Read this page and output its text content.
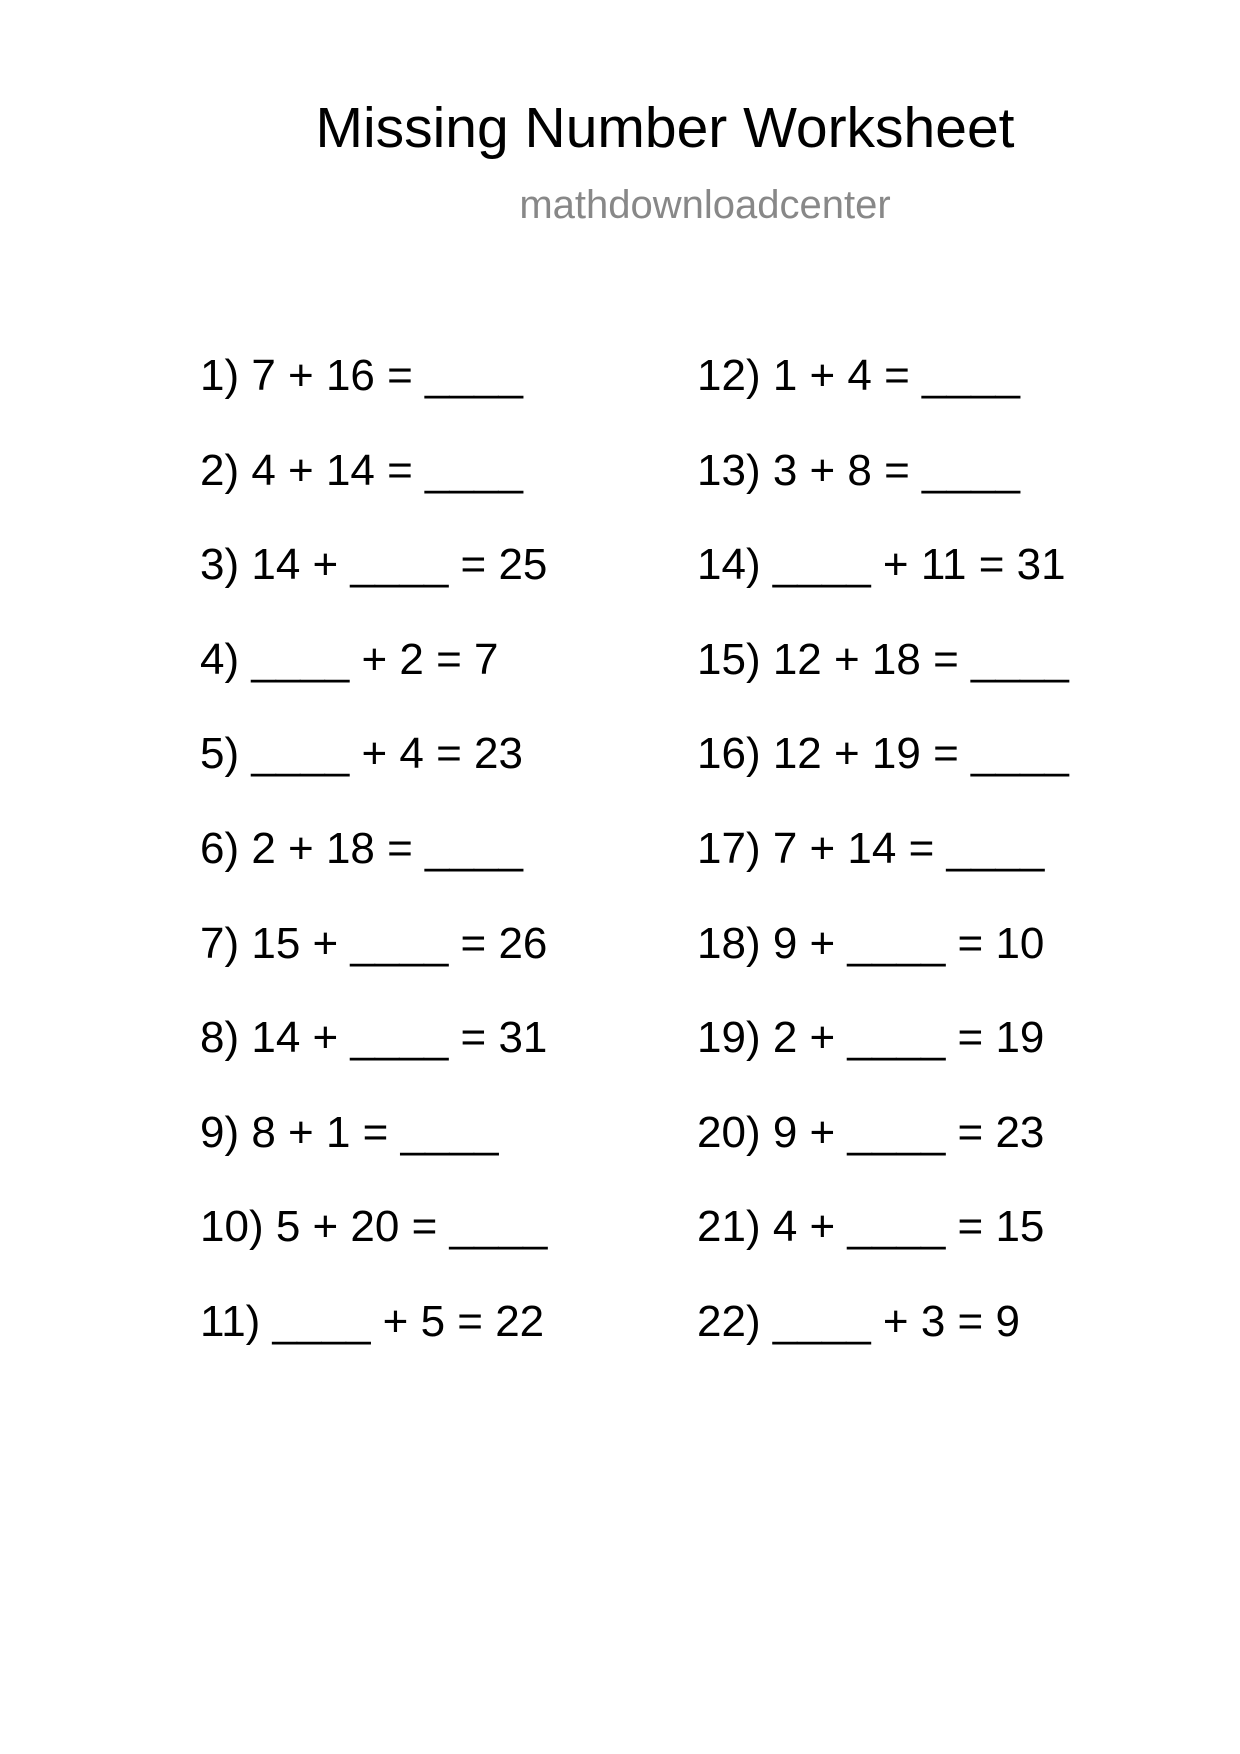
Missing Number Worksheet
mathdownloadcenter
1) 7 + 16 = ____
2) 4 + 14 = ____
3) 14 + ____ = 25
4) ____ + 2 = 7
5) ____ + 4 = 23
6) 2 + 18 = ____
7) 15 + ____ = 26
8) 14 + ____ = 31
9) 8 + 1 = ____
10) 5 + 20 = ____
11) ____ + 5 = 22
12) 1 + 4 = ____
13) 3 + 8 = ____
14) ____ + 11 = 31
15) 12 + 18 = ____
16) 12 + 19 = ____
17) 7 + 14 = ____
18) 9 + ____ = 10
19) 2 + ____ = 19
20) 9 + ____ = 23
21) 4 + ____ = 15
22) ____ + 3 = 9
